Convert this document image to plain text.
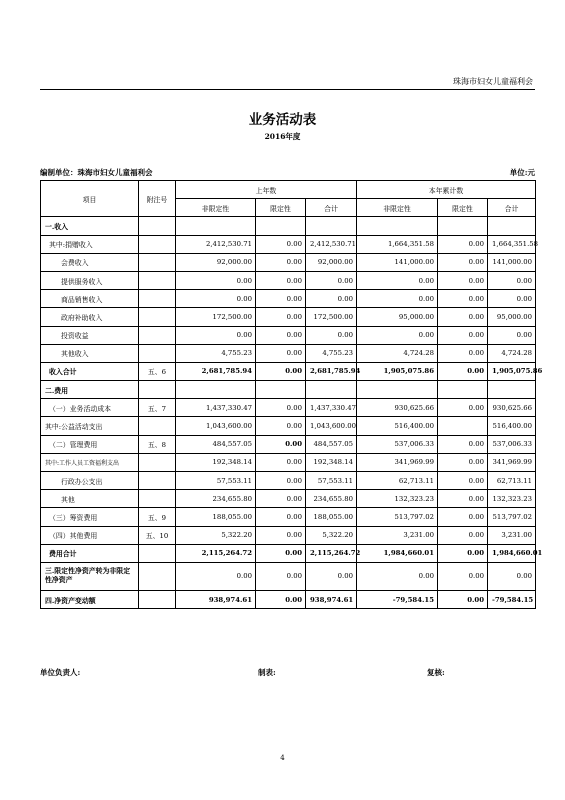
珠海市妇女儿童福利会
业务活动表
2016年度
编制单位：珠海市妇女儿童福利会	单位:元
项目	附注号	上年数			本年累计数		
		非限定性	限定性	合计	非限定性	限定性	合计
一.收入							
其中:捐赠收入		2,412,530.71	0.00	2,412,530.71	1,664,351.58	0.00	1,664,351.58
会费收入		92,000.00	0.00	92,000.00	141,000.00	0.00	141,000.00
提供服务收入		0.00	0.00	0.00	0.00	0.00	0.00
商品销售收入		0.00	0.00	0.00	0.00	0.00	0.00
政府补助收入		172,500.00	0.00	172,500.00	95,000.00	0.00	95,000.00
投资收益		0.00	0.00	0.00	0.00	0.00	0.00
其他收入		4,755.23	0.00	4,755.23	4,724.28	0.00	4,724.28
收入合计	五、6	2,681,785.94	0.00	2,681,785.94	1,905,075.86	0.00	1,905,075.86
二.费用							
（一）业务活动成本	五、7	1,437,330.47	0.00	1,437,330.47	930,625.66	0.00	930,625.66
其中:公益活动支出		1,043,600.00	0.00	1,043,600.00	516,400.00		516,400.00
（二）管理费用	五、8	484,557.05	0.00	484,557.05	537,006.33	0.00	537,006.33
其中:工作人员工资福利支出		192,348.14	0.00	192,348.14	341,969.99	0.00	341,969.99
行政办公支出		57,553.11	0.00	57,553.11	62,713.11	0.00	62,713.11
其他		234,655.80	0.00	234,655.80	132,323.23	0.00	132,323.23
（三）筹资费用	五、9	188,055.00	0.00	188,055.00	513,797.02	0.00	513,797.02
（四）其他费用	五、10	5,322.20	0.00	5,322.20	3,231.00	0.00	3,231.00
费用合计		2,115,264.72	0.00	2,115,264.72	1,984,660.01	0.00	1,984,660.01
三.限定性净资产转为非限定性净资产		0.00	0.00	0.00	0.00	0.00	0.00
四.净资产变动额		938,974.61	0.00	938,974.61	-79,584.15	0.00	-79,584.15
单位负责人:	制表:	复核:
4
